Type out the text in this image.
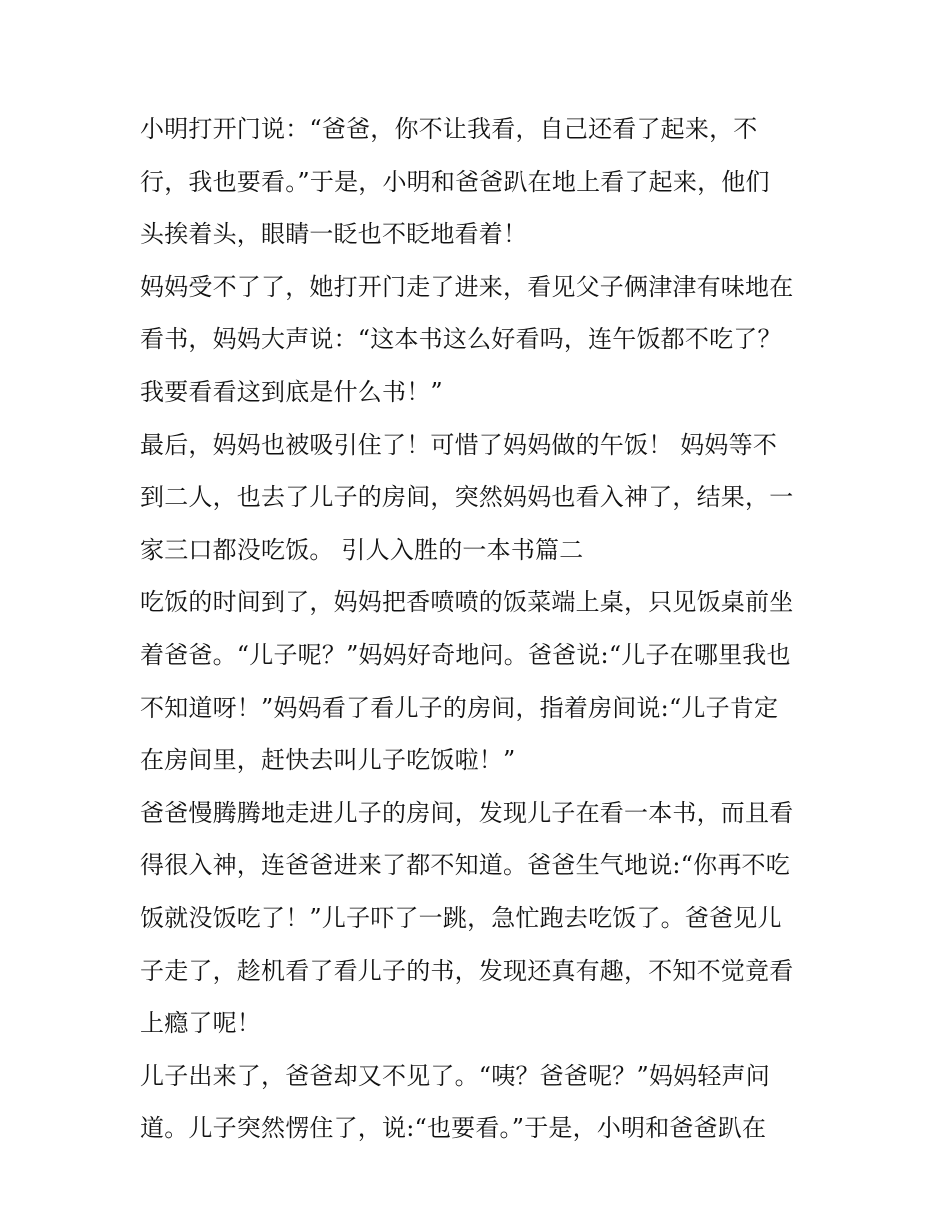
小明打开门说：“爸爸，你不让我看，自己还看了起来，不
行，我也要看。”于是，小明和爸爸趴在地上看了起来，他们
头挨着头，眼睛一眨也不眨地看着！
妈妈受不了了，她打开门走了进来，看见父子俩津津有味地在
看书，妈妈大声说：“这本书这么好看吗，连午饭都不吃了？
我要看看这到底是什么书！”
最后，妈妈也被吸引住了！可惜了妈妈做的午饭！ 妈妈等不
到二人，也去了儿子的房间，突然妈妈也看入神了，结果，一
家三口都没吃饭。 引人入胜的一本书篇二
吃饭的时间到了，妈妈把香喷喷的饭菜端上桌，只见饭桌前坐
着爸爸。“儿子呢？”妈妈好奇地问。爸爸说:“儿子在哪里我也
不知道呀！”妈妈看了看儿子的房间，指着房间说:“儿子肯定
在房间里，赶快去叫儿子吃饭啦！”
爸爸慢腾腾地走进儿子的房间，发现儿子在看一本书，而且看
得很入神，连爸爸进来了都不知道。爸爸生气地说:“你再不吃
饭就没饭吃了！”儿子吓了一跳，急忙跑去吃饭了。爸爸见儿
子走了，趁机看了看儿子的书，发现还真有趣，不知不觉竟看
上瘾了呢！
儿子出来了，爸爸却又不见了。“咦？爸爸呢？”妈妈轻声问
道。儿子突然愣住了，说:“也要看。”于是，小明和爸爸趴在
